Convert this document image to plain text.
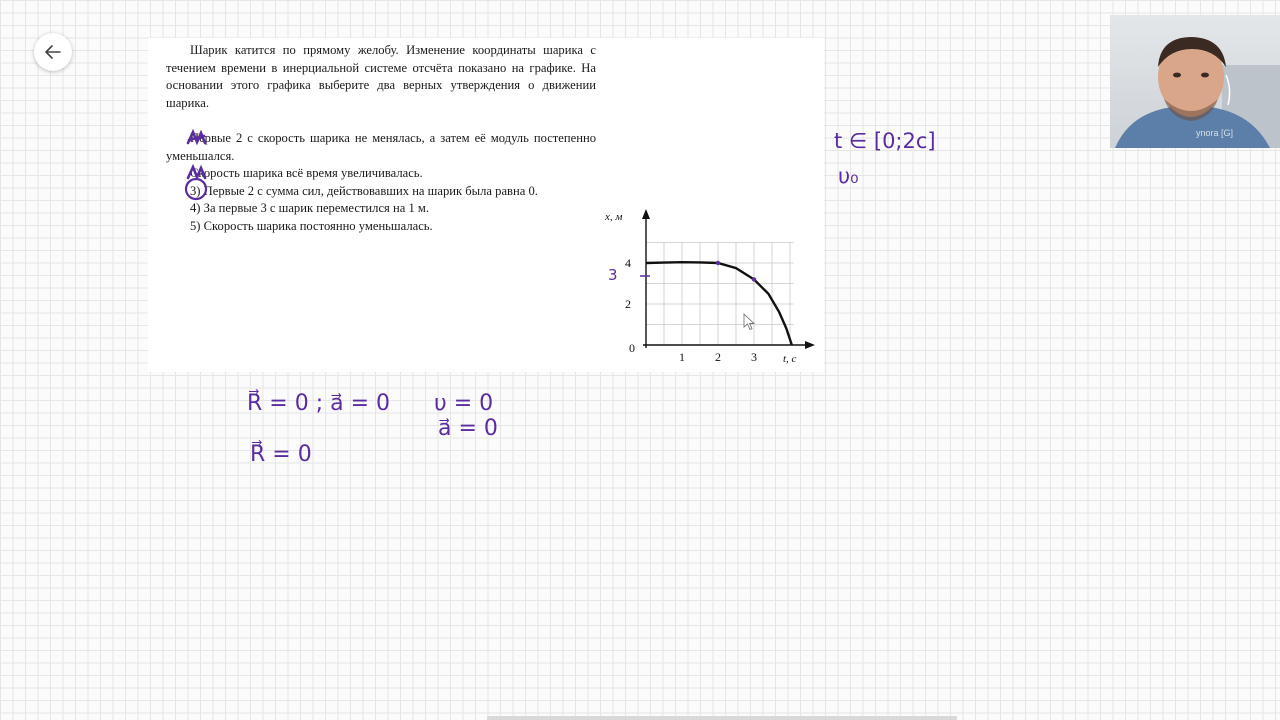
Шарик катится по прямому желобу. Изменение координаты шарика с течением времени в инерциальной системе отсчёта показано на графике. На основании этого графика выберите два верных утверждения о движении шарика.

Первые 2 с скорость шарика не менялась, а затем её модуль постепенно уменьшался.
Скорость шарика всё время увеличивалась.
3) Первые 2 с сумма сил, действовавших на шарик была равна 0.
4) За первые 3 с шарик переместился на 1 м.
5) Скорость шарика постоянно уменьшалась.
x, м
t, с
0
1	2	3
2
4
3
t ∈ [0;2c]
υ₀
R⃗ = 0 ; a⃗ = 0 υ = 0
a⃗ = 0
R⃗ = 0
ynora [G]
